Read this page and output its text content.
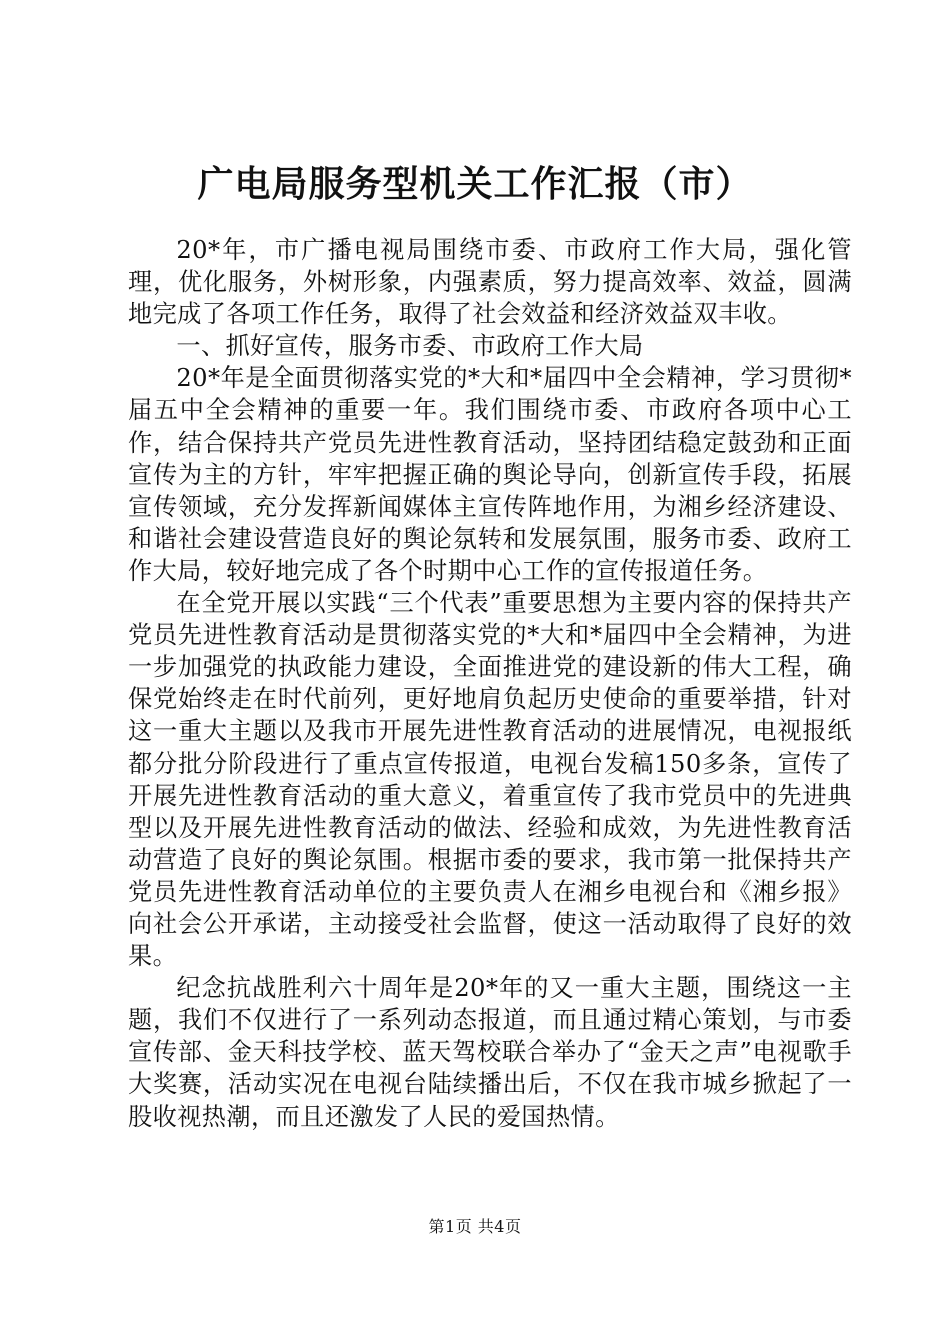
广电局服务型机关工作汇报（市）

20*年，市广播电视局围绕市委、市政府工作大局，强化管理，优化服务，外树形象，内强素质，努力提高效率、效益，圆满地完成了各项工作任务，取得了社会效益和经济效益双丰收。

一、抓好宣传，服务市委、市政府工作大局

20*年是全面贯彻落实党的*大和*届四中全会精神，学习贯彻*届五中全会精神的重要一年。我们围绕市委、市政府各项中心工作，结合保持共产党员先进性教育活动，坚持团结稳定鼓劲和正面宣传为主的方针，牢牢把握正确的舆论导向，创新宣传手段，拓展宣传领域，充分发挥新闻媒体主宣传阵地作用，为湘乡经济建设、和谐社会建设营造良好的舆论氛转和发展氛围，服务市委、政府工作大局，较好地完成了各个时期中心工作的宣传报道任务。

在全党开展以实践“三个代表”重要思想为主要内容的保持共产党员先进性教育活动是贯彻落实党的*大和*届四中全会精神，为进一步加强党的执政能力建设，全面推进党的建设新的伟大工程，确保党始终走在时代前列，更好地肩负起历史使命的重要举措，针对这一重大主题以及我市开展先进性教育活动的进展情况，电视报纸都分批分阶段进行了重点宣传报道，电视台发稿150多条，宣传了开展先进性教育活动的重大意义，着重宣传了我市党员中的先进典型以及开展先进性教育活动的做法、经验和成效，为先进性教育活动营造了良好的舆论氛围。根据市委的要求，我市第一批保持共产党员先进性教育活动单位的主要负责人在湘乡电视台和《湘乡报》向社会公开承诺，主动接受社会监督，使这一活动取得了良好的效果。

纪念抗战胜利六十周年是20*年的又一重大主题，围绕这一主题，我们不仅进行了一系列动态报道，而且通过精心策划，与市委宣传部、金天科技学校、蓝天驾校联合举办了“金天之声”电视歌手大奖赛，活动实况在电视台陆续播出后，不仅在我市城乡掀起了一股收视热潮，而且还激发了人民的爱国热情。

第1页 共4页
